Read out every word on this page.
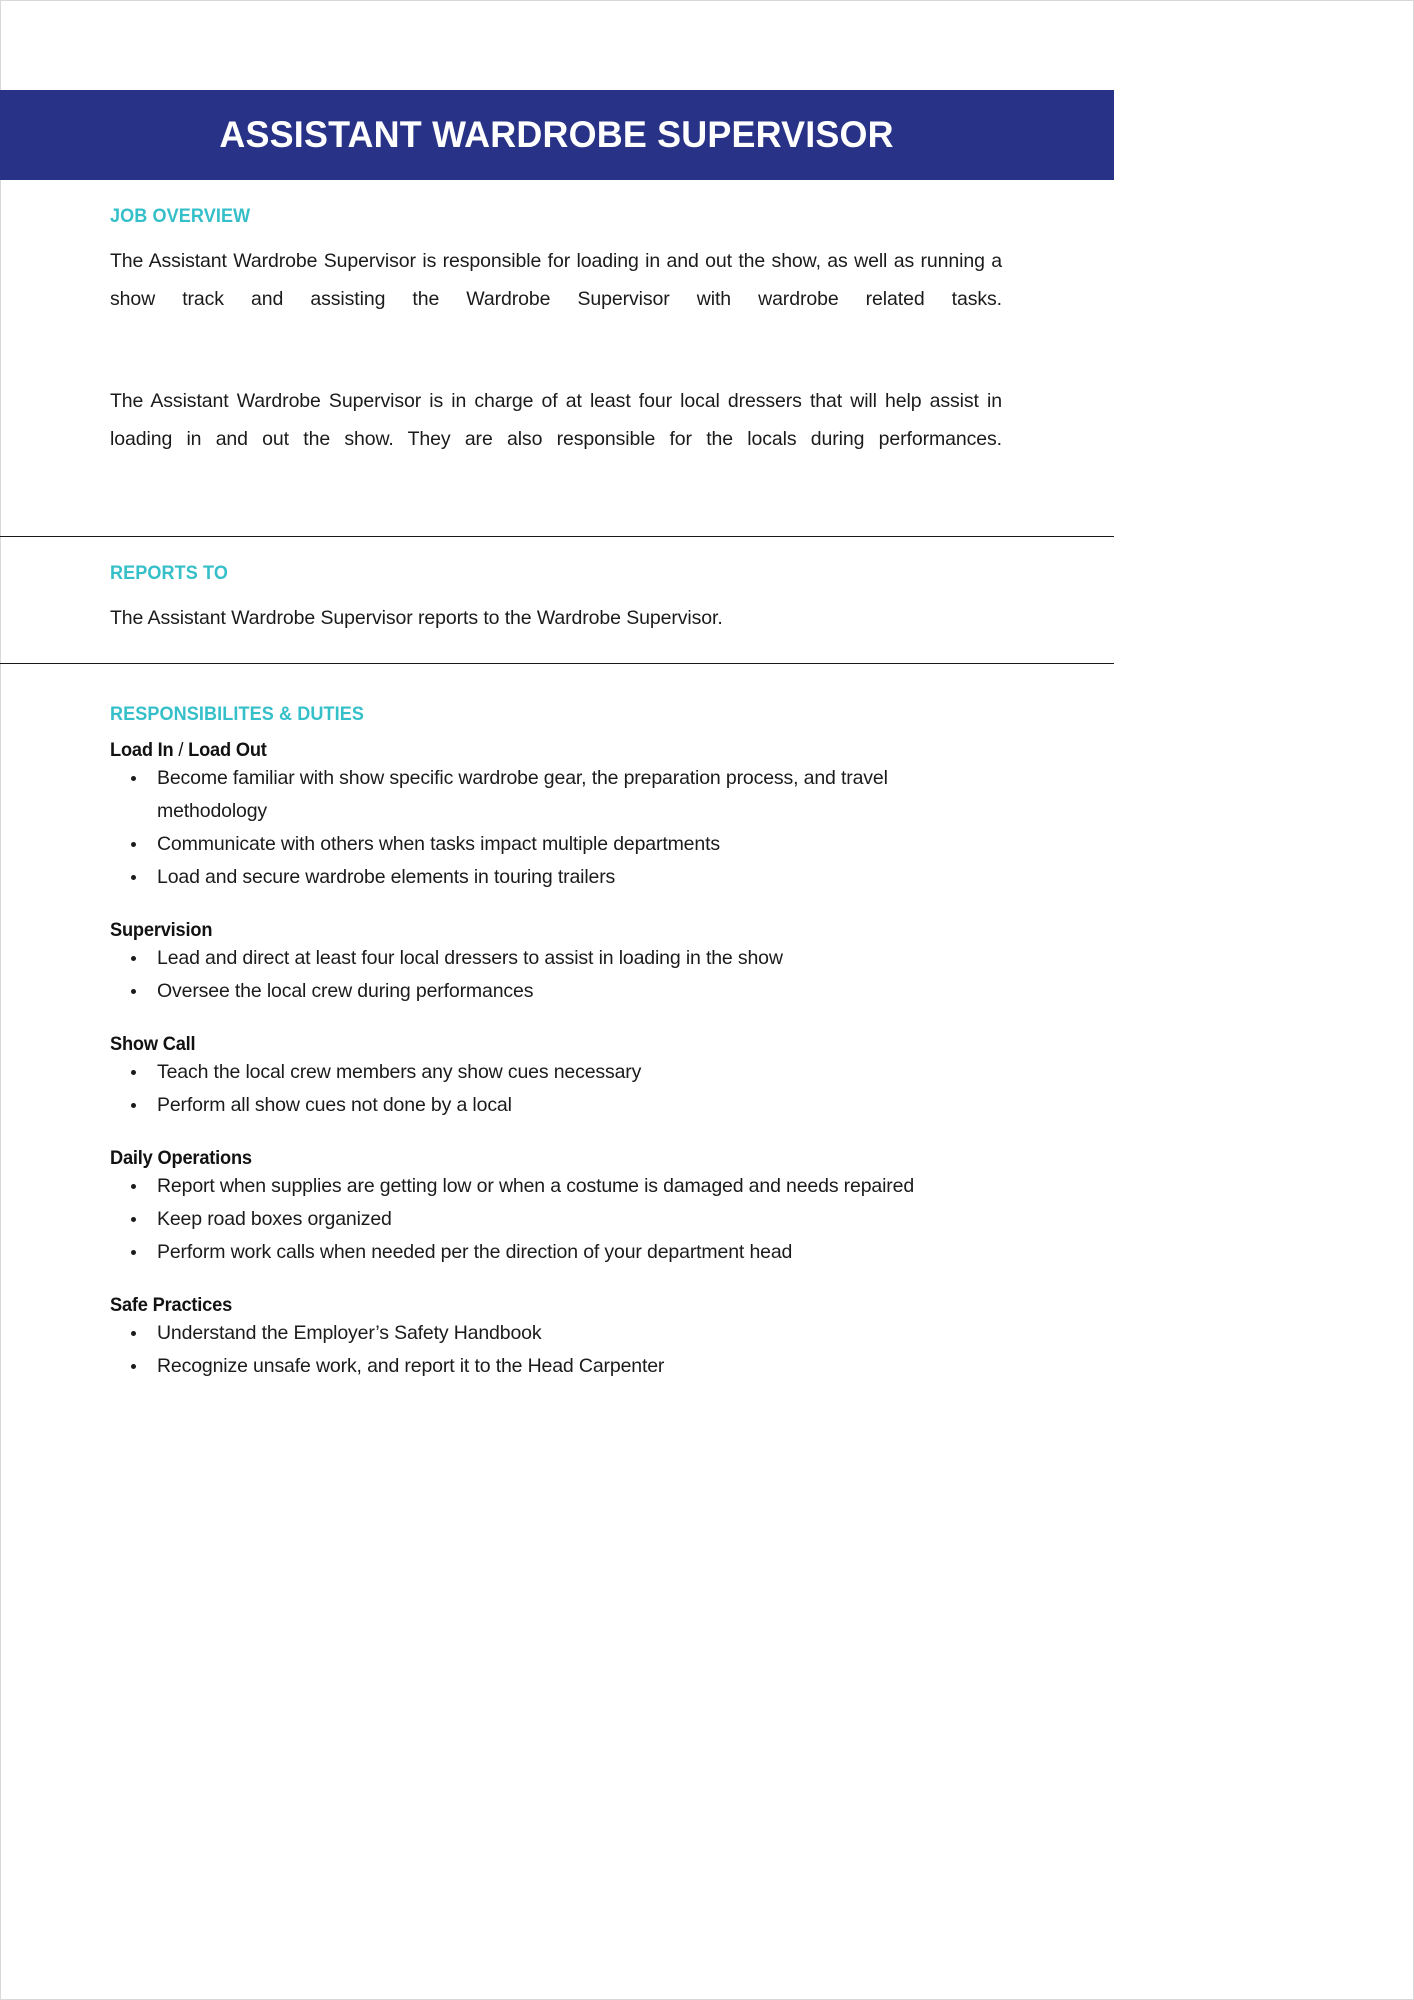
ASSISTANT WARDROBE SUPERVISOR
JOB OVERVIEW

The Assistant Wardrobe Supervisor is responsible for loading in and out the show, as well as running a show track and assisting the Wardrobe Supervisor with wardrobe related tasks.

The Assistant Wardrobe Supervisor is in charge of at least four local dressers that will help assist in loading in and out the show. They are also responsible for the locals during performances.

REPORTS TO

The Assistant Wardrobe Supervisor reports to the Wardrobe Supervisor.

RESPONSIBILITES & DUTIES
Load In / Load Out
Become familiar with show specific wardrobe gear, the preparation process, and travel methodology
Communicate with others when tasks impact multiple departments
Load and secure wardrobe elements in touring trailers
Supervision
Lead and direct at least four local dressers to assist in loading in the show
Oversee the local crew during performances
Show Call
Teach the local crew members any show cues necessary
Perform all show cues not done by a local
Daily Operations
Report when supplies are getting low or when a costume is damaged and needs repaired
Keep road boxes organized
Perform work calls when needed per the direction of your department head
Safe Practices
Understand the Employer’s Safety Handbook
Recognize unsafe work, and report it to the Head Carpenter
